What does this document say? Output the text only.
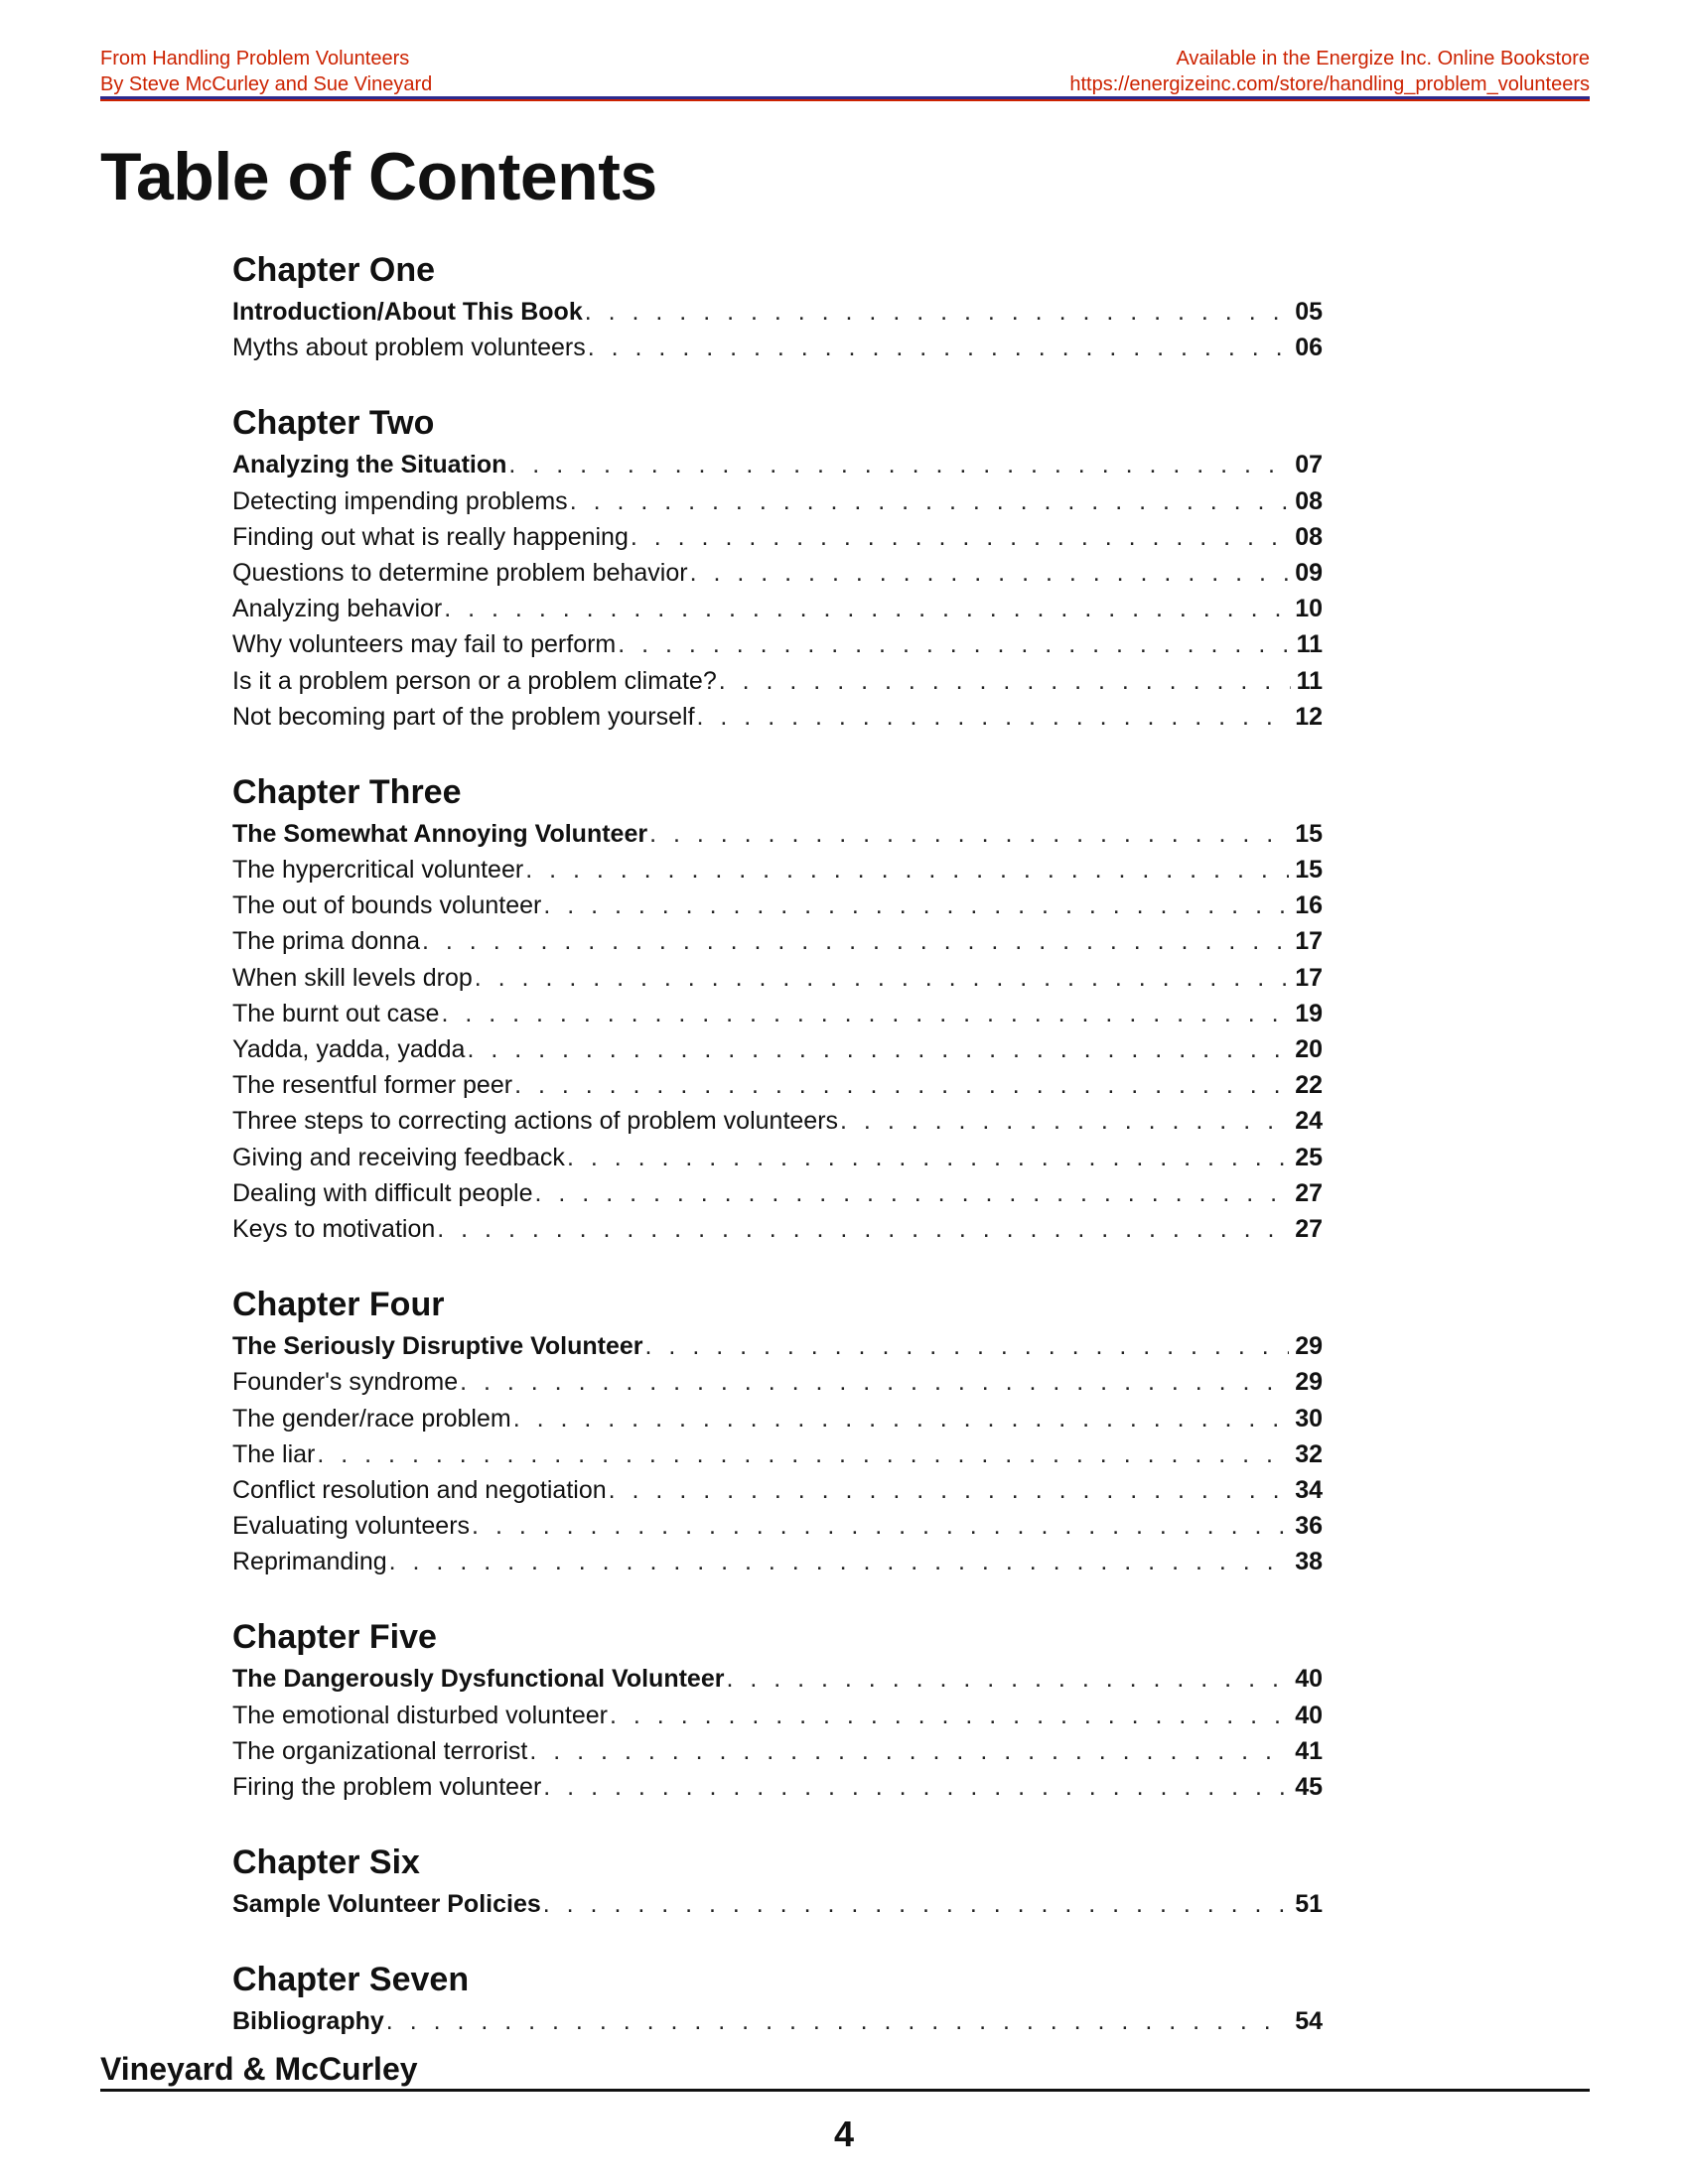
From Handling Problem Volunteers
By Steve McCurley and Sue Vineyard
Available in the Energize Inc. Online Bookstore
https://energizeinc.com/store/handling_problem_volunteers
Table of Contents
Chapter One
Introduction/About This Book . . .	05
Myths about problem volunteers . . .	06
Chapter Two
Analyzing the Situation . . .	07
Detecting impending problems . . .	08
Finding out what is really happening . . .	08
Questions to determine problem behavior . . .	09
Analyzing behavior . . .	10
Why volunteers may fail to perform . . .	11
Is it a problem person or a problem climate? . . .	11
Not becoming part of the problem yourself . . .	12
Chapter Three
The Somewhat Annoying Volunteer . . .	15
The hypercritical volunteer . . .	15
The out of bounds volunteer . . .	16
The prima donna . . .	17
When skill levels drop . . .	17
The burnt out case . . .	19
Yadda, yadda, yadda . . .	20
The resentful former peer . . .	22
Three steps to correcting actions of problem volunteers . . .	24
Giving and receiving feedback . . .	25
Dealing with difficult people . . .	27
Keys to motivation . . .	27
Chapter Four
The Seriously Disruptive Volunteer . . .	29
Founder's syndrome . . .	29
The gender/race problem . . .	30
The liar . . .	32
Conflict resolution and negotiation . . .	34
Evaluating volunteers . . .	36
Reprimanding . . .	38
Chapter Five
The Dangerously Dysfunctional Volunteer . . .	40
The emotional disturbed volunteer . . .	40
The organizational terrorist . . .	41
Firing the problem volunteer . . .	45
Chapter Six
Sample Volunteer Policies . . .	51
Chapter Seven
Bibliography . . .	54
Vineyard & McCurley
4
